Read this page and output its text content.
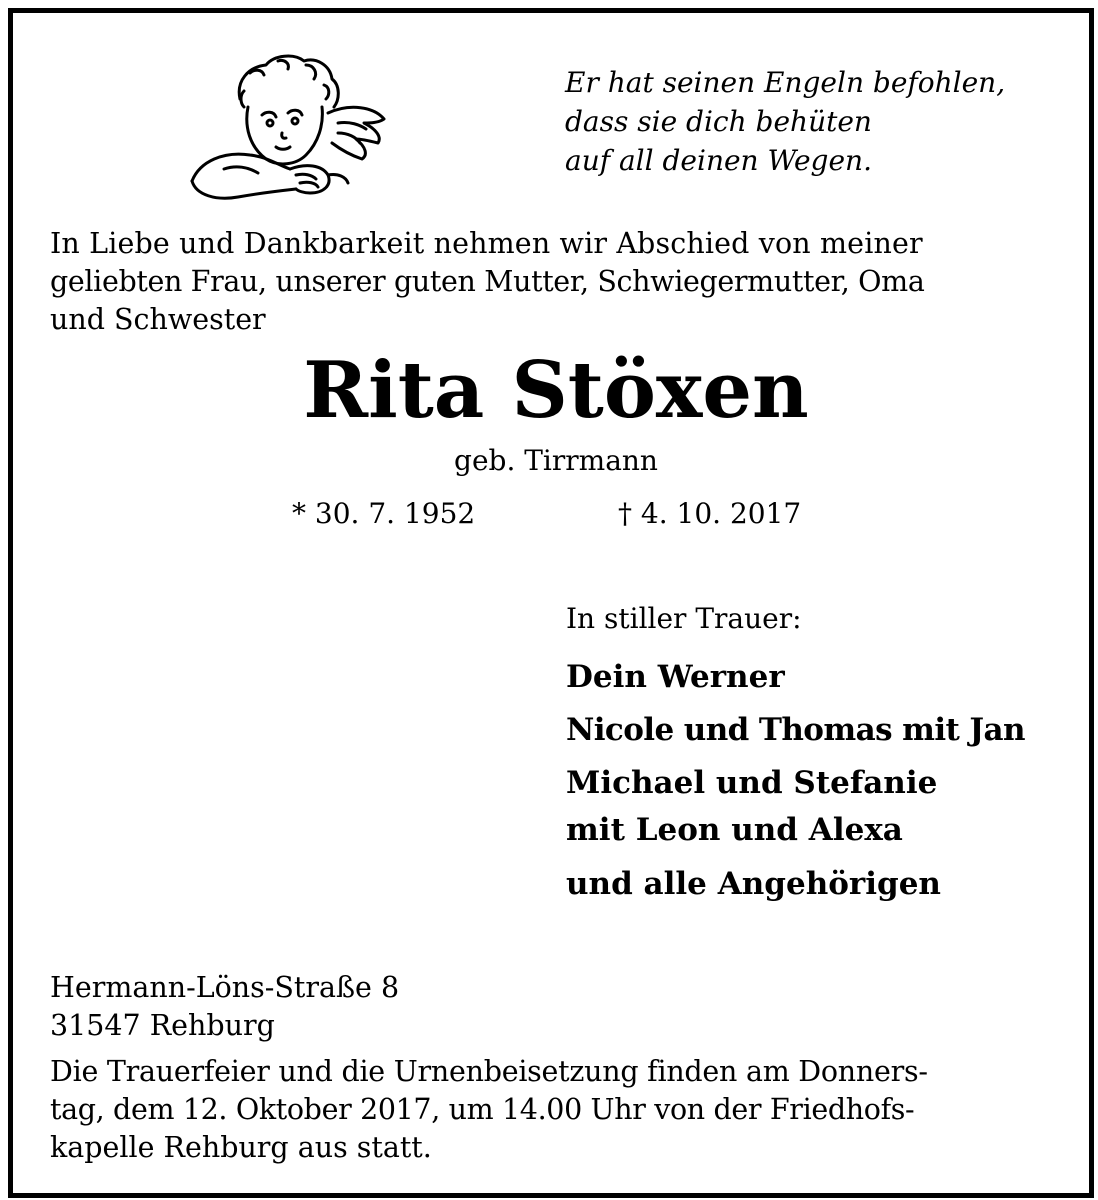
Er hat seinen Engeln befohlen,
dass sie dich behüten
auf all deinen Wegen.
In Liebe und Dankbarkeit nehmen wir Abschied von meiner
geliebten Frau, unserer guten Mutter, Schwiegermutter, Oma
und Schwester
Rita Stöxen
geb. Tirrmann
* 30. 7. 1952	† 4. 10. 2017
In stiller Trauer:
Dein Werner
Nicole und Thomas mit Jan
Michael und Stefanie
mit Leon und Alexa
und alle Angehörigen
Hermann-Löns-Straße 8
31547 Rehburg
Die Trauerfeier und die Urnenbeisetzung finden am Donners-
tag, dem 12. Oktober 2017, um 14.00 Uhr von der Friedhofs-
kapelle Rehburg aus statt.
